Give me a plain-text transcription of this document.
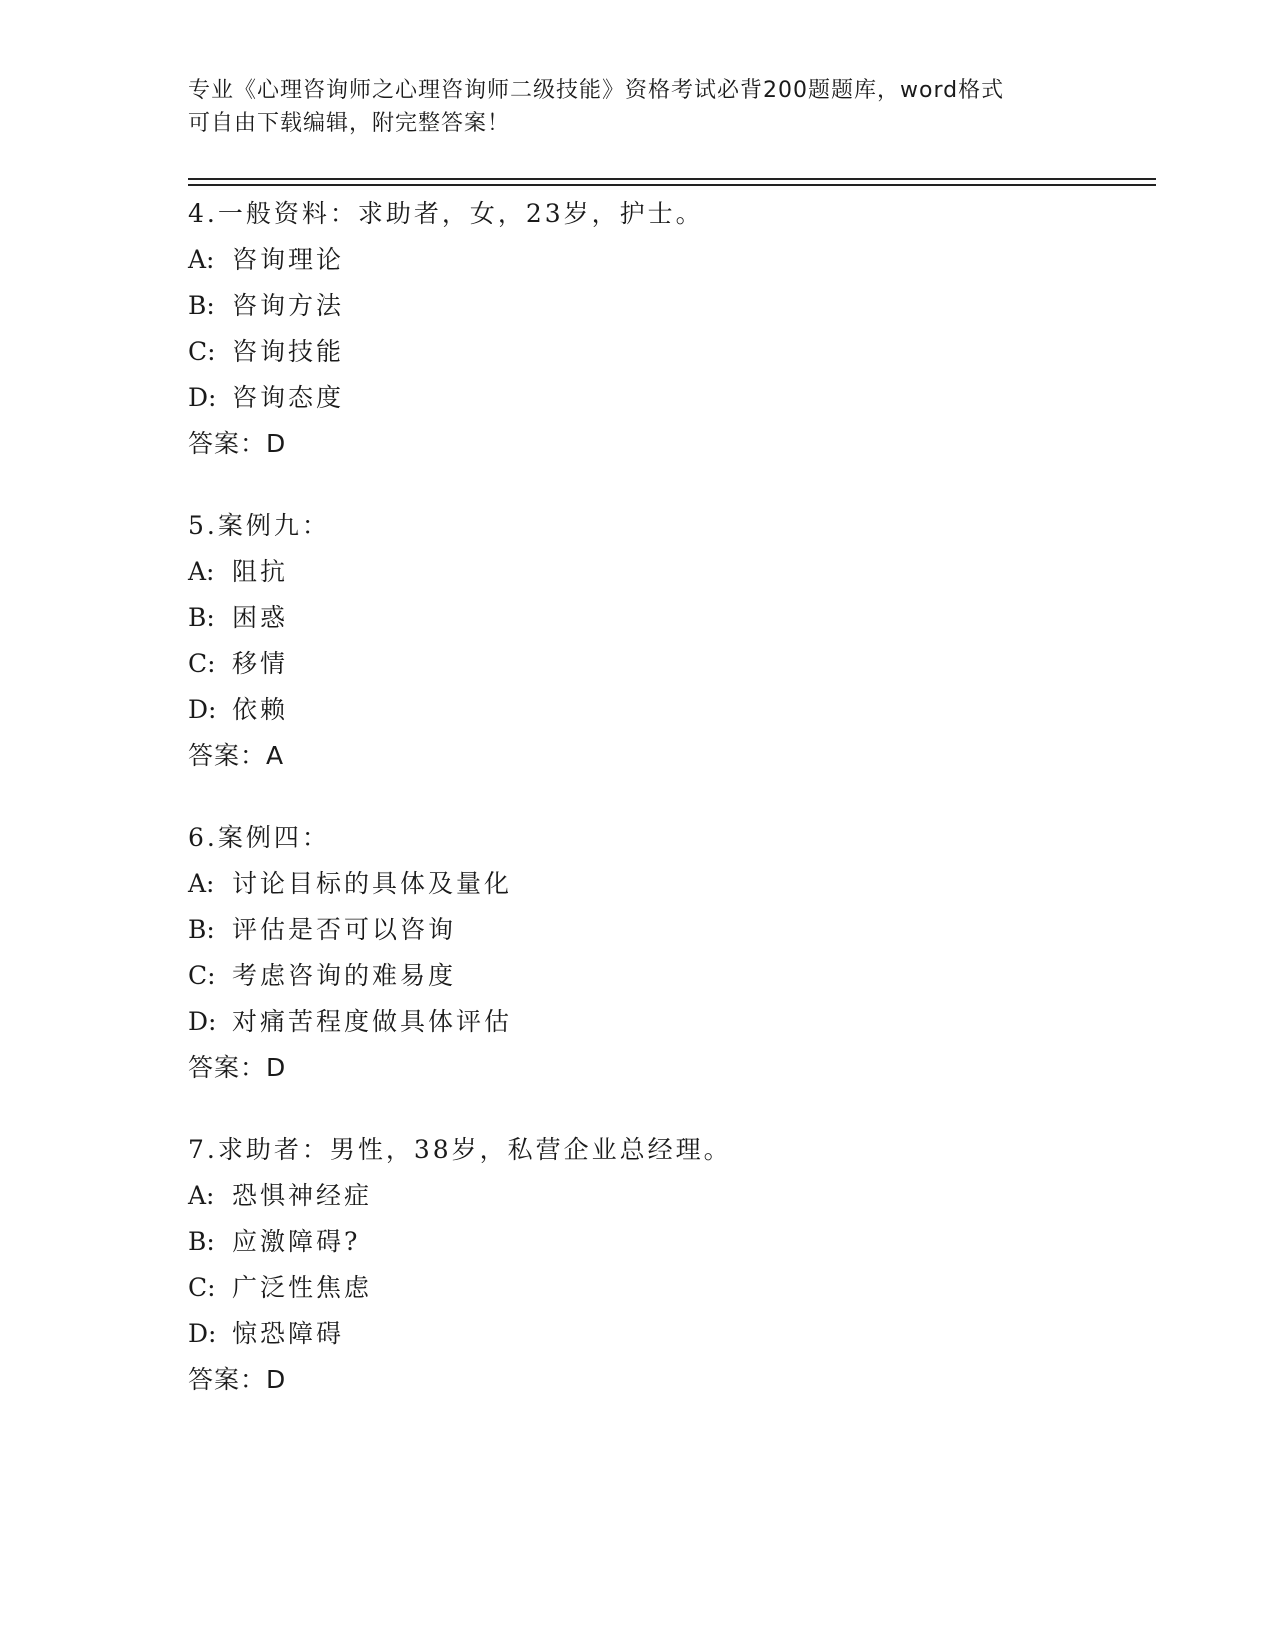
专业《心理咨询师之心理咨询师二级技能》资格考试必背200题题库，word格式
可自由下载编辑，附完整答案！
4.一般资料：求助者，女，23岁，护士。
A: 咨询理论
B: 咨询方法
C: 咨询技能
D: 咨询态度
答案：D
5.案例九：
A: 阻抗
B: 困惑
C: 移情
D: 依赖
答案：A
6.案例四：
A: 讨论目标的具体及量化
B: 评估是否可以咨询
C: 考虑咨询的难易度
D: 对痛苦程度做具体评估
答案：D
7.求助者：男性，38岁，私营企业总经理。
A: 恐惧神经症
B: 应激障碍?
C: 广泛性焦虑
D: 惊恐障碍
答案：D
